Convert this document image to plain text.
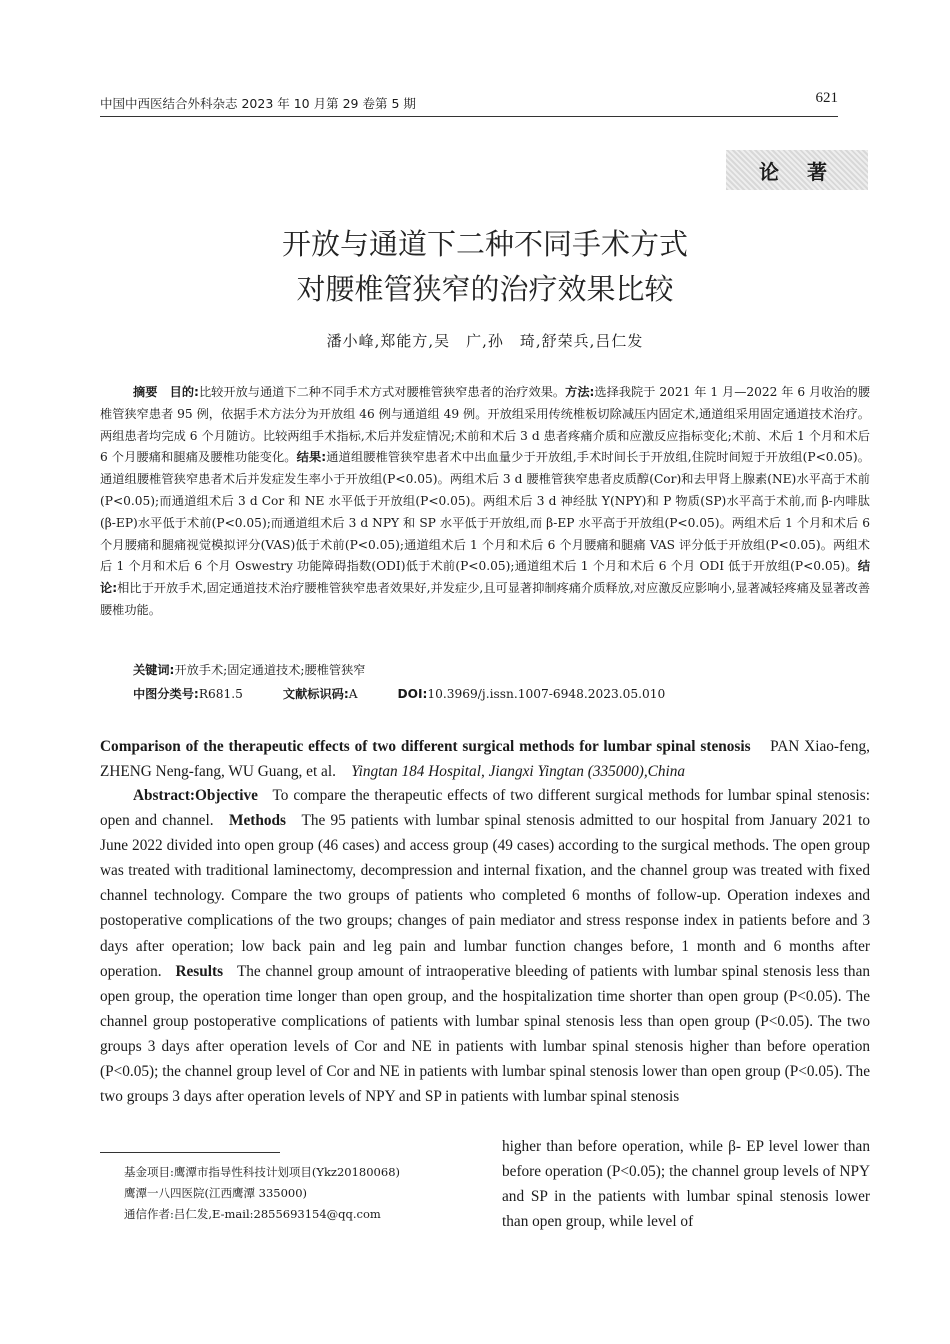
中国中西医结合外科杂志 2023 年 10 月第 29 卷第 5 期	621
论著
开放与通道下二种不同手术方式
对腰椎管狭窄的治疗效果比较
潘小峰,郑能方,吴　广,孙　琦,舒荣兵,吕仁发
摘要　 目的:比较开放与通道下二种不同手术方式对腰椎管狭窄患者的治疗效果。方法:选择我院于 2021 年 1 月—2022 年 6 月收治的腰椎管狭窄患者 95 例，依据手术方法分为开放组 46 例与通道组 49 例。开放组采用传统椎板切除减压内固定术,通道组采用固定通道技术治疗。两组患者均完成 6 个月随访。比较两组手术指标,术后并发症情况;术前和术后 3 d 患者疼痛介质和应激反应指标变化;术前、术后 1 个月和术后 6 个月腰痛和腿痛及腰椎功能变化。结果:通道组腰椎管狭窄患者术中出血量少于开放组,手术时间长于开放组,住院时间短于开放组(P<0.05)。通道组腰椎管狭窄患者术后并发症发生率小于开放组(P<0.05)。两组术后 3 d 腰椎管狭窄患者皮质醇(Cor)和去甲肾上腺素(NE)水平高于术前(P<0.05);而通道组术后 3 d Cor 和 NE 水平低于开放组(P<0.05)。两组术后 3 d 神经肽 Y(NPY)和 P 物质(SP)水平高于术前,而 β-内啡肽(β-EP)水平低于术前(P<0.05);而通道组术后 3 d NPY 和 SP 水平低于开放组,而 β-EP 水平高于开放组(P<0.05)。两组术后 1 个月和术后 6 个月腰痛和腿痛视觉模拟评分(VAS)低于术前(P<0.05);通道组术后 1 个月和术后 6 个月腰痛和腿痛 VAS 评分低于开放组(P<0.05)。两组术后 1 个月和术后 6 个月 Oswestry 功能障碍指数(ODI)低于术前(P<0.05);通道组术后 1 个月和术后 6 个月 ODI 低于开放组(P<0.05)。结论:相比于开放手术,固定通道技术治疗腰椎管狭窄患者效果好,并发症少,且可显著抑制疼痛介质释放,对应激反应影响小,显著减轻疼痛及显著改善腰椎功能。
关键词:开放手术;固定通道技术;腰椎管狭窄
中图分类号:R681.5	文献标识码:A	DOI:10.3969/j.issn.1007-6948.2023.05.010
Comparison of the therapeutic effects of two different surgical methods for lumbar spinal stenosis PAN Xiao-feng, ZHENG Neng-fang, WU Guang, et al. Yingtan 184 Hospital, Jiangxi Yingtan (335000),China
Abstract:Objective To compare the therapeutic effects of two different surgical methods for lumbar spinal stenosis: open and channel. Methods The 95 patients with lumbar spinal stenosis admitted to our hospital from January 2021 to June 2022 divided into open group (46 cases) and access group (49 cases) according to the surgical methods. The open group was treated with traditional laminectomy, decompression and internal fixation, and the channel group was treated with fixed channel technology. Compare the two groups of patients who completed 6 months of follow-up. Operation indexes and postoperative complications of the two groups; changes of pain mediator and stress response index in patients before and 3 days after operation; low back pain and leg pain and lumbar function changes before, 1 month and 6 months after operation. Results The channel group amount of intraoperative bleeding of patients with lumbar spinal stenosis less than open group, the operation time longer than open group, and the hospitalization time shorter than open group (P<0.05). The channel group postoperative complications of patients with lumbar spinal stenosis less than open group (P<0.05). The two groups 3 days after operation levels of Cor and NE in patients with lumbar spinal stenosis higher than before operation (P<0.05); the channel group level of Cor and NE in patients with lumbar spinal stenosis lower than open group (P<0.05). The two groups 3 days after operation levels of NPY and SP in patients with lumbar spinal stenosis
higher than before operation, while β- EP level lower than before operation (P<0.05); the channel group levels of NPY and SP in the patients with lumbar spinal stenosis lower than open group, while level of
基金项目:鹰潭市指导性科技计划项目(Ykz20180068)
鹰潭一八四医院(江西鹰潭 335000)
通信作者:吕仁发,E-mail:2855693154@qq.com
